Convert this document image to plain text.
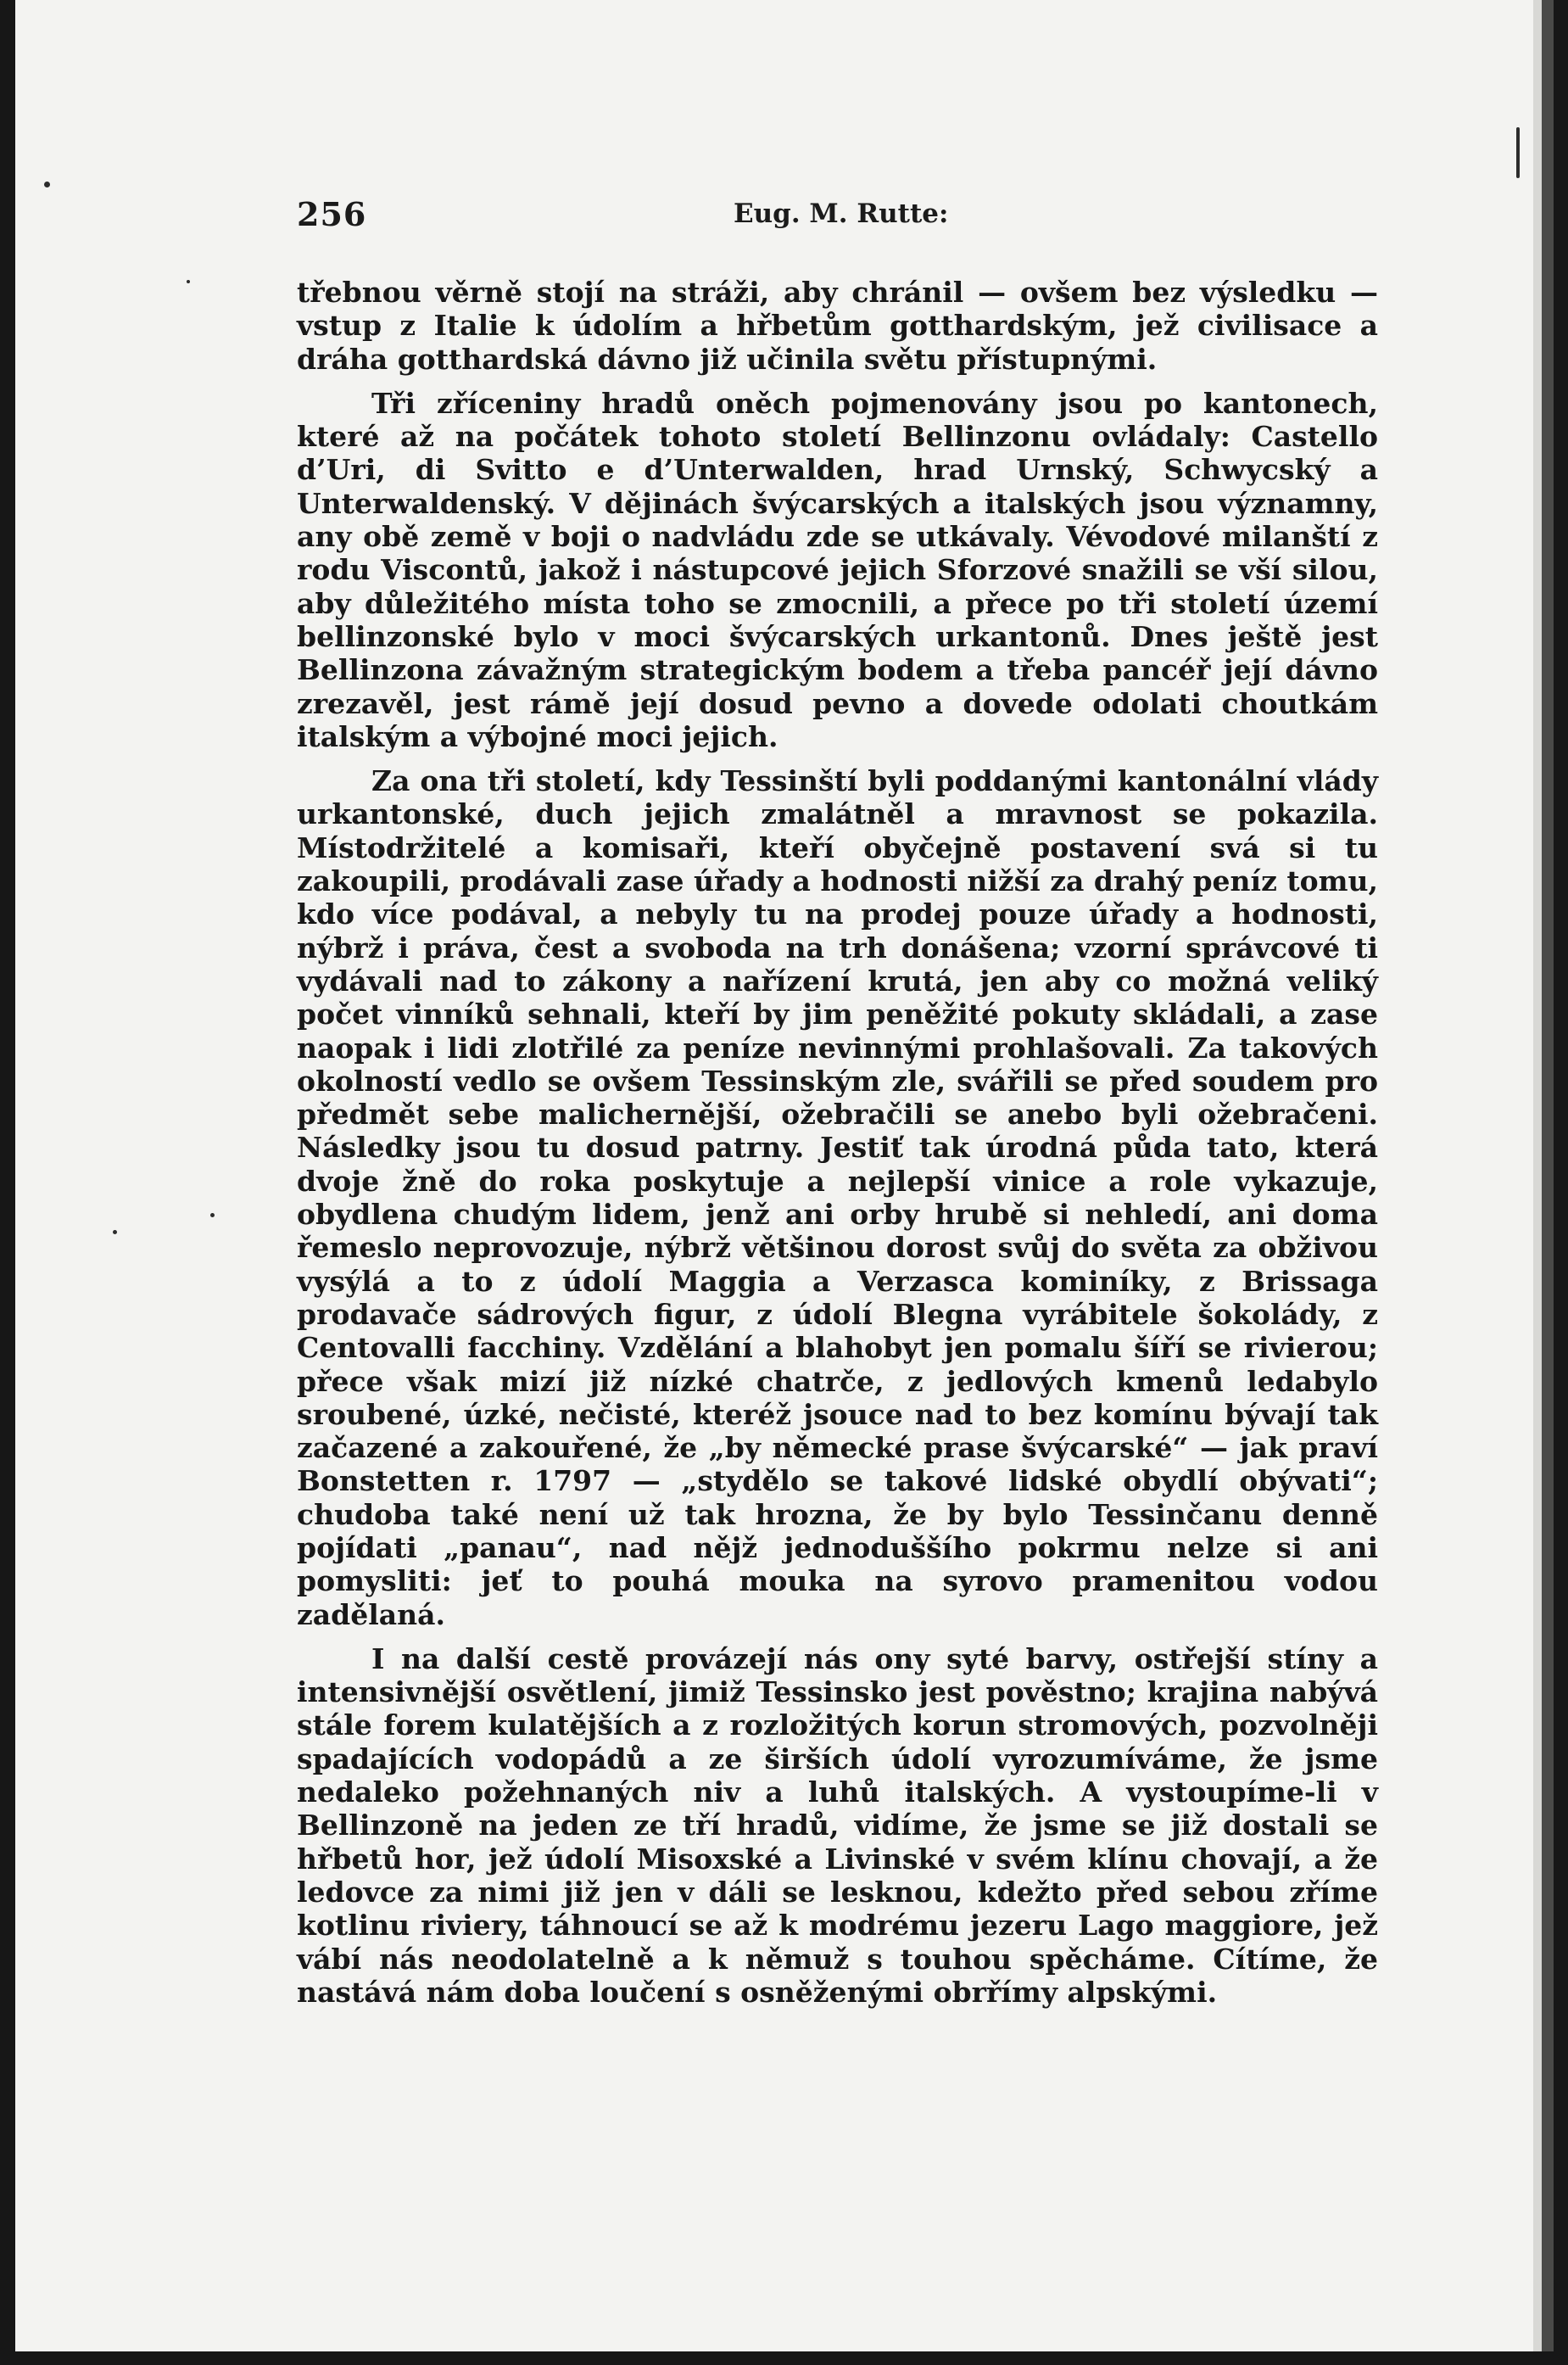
256	Eug. M. Rutte:

třebnou věrně stojí na stráži, aby chránil — ovšem bez výsledku — vstup z Italie k údolím a hřbetům gotthardským, jež civilisace a dráha gotthardská dávno již učinila světu přístupnými.

Tři zříceniny hradů oněch pojmenovány jsou po kantonech, které až na počátek tohoto století Bellinzonu ovládaly: Castello d’Uri, di Svitto e d’Unterwalden, hrad Urnský, Schwycský a Unterwaldenský. V dějinách švýcarských a italských jsou významny, any obě země v boji o nadvládu zde se utkávaly. Vévodové milanští z rodu Viscontů, jakož i nástupcové jejich Sforzové snažili se vší silou, aby důležitého místa toho se zmocnili, a přece po tři století území bellinzonské bylo v moci švýcarských urkantonů. Dnes ještě jest Bellinzona závažným strategickým bodem a třeba pancéř její dávno zrezavěl, jest rámě její dosud pevno a dovede odolati choutkám italským a výbojné moci jejich.

Za ona tři století, kdy Tessinští byli poddanými kantonální vlády urkantonské, duch jejich zmalátněl a mravnost se pokazila. Místodržitelé a komisaři, kteří obyčejně postavení svá si tu zakoupili, prodávali zase úřady a hodnosti nižší za drahý peníz tomu, kdo více podával, a nebyly tu na prodej pouze úřady a hodnosti, nýbrž i práva, čest a svoboda na trh donášena; vzorní správcové ti vydávali nad to zákony a nařízení krutá, jen aby co možná veliký počet vinníků sehnali, kteří by jim peněžité pokuty skládali, a zase naopak i lidi zlotřilé za peníze nevinnými prohlašovali. Za takových okolností vedlo se ovšem Tessinským zle, svářili se před soudem pro předmět sebe malichernější, ožebračili se anebo byli ožebračeni. Následky jsou tu dosud patrny. Jestiť tak úrodná půda tato, která dvoje žně do roka poskytuje a nejlepší vinice a role vykazuje, obydlena chudým lidem, jenž ani orby hrubě si nehledí, ani doma řemeslo neprovozuje, nýbrž většinou dorost svůj do světa za obživou vysýlá a to z údolí Maggia a Verzasca kominíky, z Brissaga prodavače sádrových figur, z údolí Blegna vyrábitele šokolády, z Centovalli facchiny. Vzdělání a blahobyt jen pomalu šíří se rivierou; přece však mizí již nízké chatrče, z jedlových kmenů ledabylo sroubené, úzké, nečisté, kteréž jsouce nad to bez komínu bývají tak začazené a zakouřené, že „by německé prase švýcarské“ — jak praví Bonstetten r. 1797 — „stydělo se takové lidské obydlí obývati“; chudoba také není už tak hrozna, že by bylo Tessinčanu denně pojídati „panau“, nad nějž jednoduššího pokrmu nelze si ani pomysliti: jeť to pouhá mouka na syrovo pramenitou vodou zadělaná.

I na další cestě provázejí nás ony syté barvy, ostřejší stíny a intensivnější osvětlení, jimiž Tessinsko jest pověstno; krajina nabývá stále forem kulatějších a z rozložitých korun stromových, pozvolněji spadajících vodopádů a ze širších údolí vyrozumíváme, že jsme nedaleko požehnaných niv a luhů italských. A vystoupíme-li v Bellinzoně na jeden ze tří hradů, vidíme, že jsme se již dostali se hřbetů hor, jež údolí Misoxské a Livinské v svém klínu chovají, a že ledovce za nimi již jen v dáli se lesknou, kdežto před sebou zříme kotlinu riviery, táhnoucí se až k modrému jezeru Lago maggiore, jež vábí nás neodolatelně a k němuž s touhou spěcháme. Cítíme, že nastává nám doba loučení s osněženými obrřímy alpskými.
